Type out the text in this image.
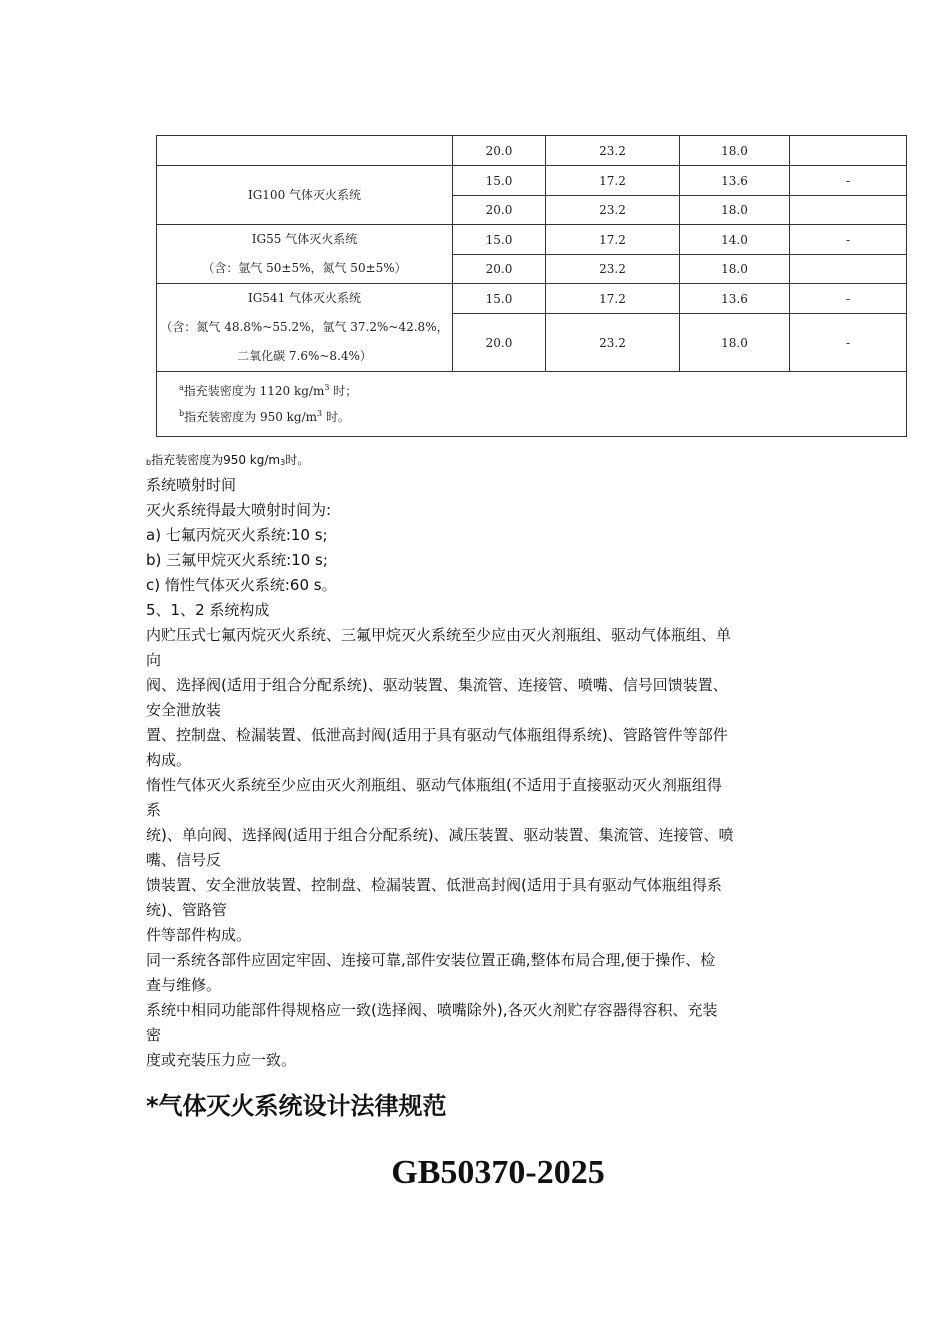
	20.0	23.2	18.0	
IG100 气体灭火系统	15.0	17.2	13.6	-
	20.0	23.2	18.0	

IG55 气体灭火系统
（含：氩气 50±5%，氮气 50±5%）	15.0	17.2	14.0	-
	20.0	23.2	18.0	

IG541 气体灭火系统
（含：氮气 48.8%~55.2%，氩气 37.2%~42.8%，
二氧化碳 7.6%~8.4%）	15.0	17.2	13.6	-
	20.0	23.2	18.0	-

$^a$指充装密度为 1120 $kg/m^3$ 时；
$^b$指充装密度为 950 $kg/m^3$ 时。				
b指充装密度为950 kg/m3时。

系统喷射时间

灭火系统得最大喷射时间为:

a) 七氟丙烷灭火系统:10 s;

b) 三氟甲烷灭火系统:10 s;

c) 惰性气体灭火系统:60 s。

5、1、2 系统构成

内贮压式七氟丙烷灭火系统、三氟甲烷灭火系统至少应由灭火剂瓶组、驱动气体瓶组、单

向

阀、选择阀(适用于组合分配系统)、驱动装置、集流管、连接管、喷嘴、信号回馈装置、

安全泄放装

置、控制盘、检漏装置、低泄高封阀(适用于具有驱动气体瓶组得系统)、管路管件等部件

构成。

惰性气体灭火系统至少应由灭火剂瓶组、驱动气体瓶组(不适用于直接驱动灭火剂瓶组得

系

统)、单向阀、选择阀(适用于组合分配系统)、减压装置、驱动装置、集流管、连接管、喷

嘴、信号反

馈装置、安全泄放装置、控制盘、检漏装置、低泄高封阀(适用于具有驱动气体瓶组得系

统)、管路管

件等部件构成。

同一系统各部件应固定牢固、连接可靠,部件安装位置正确,整体布局合理,便于操作、检

查与维修。

系统中相同功能部件得规格应一致(选择阀、喷嘴除外),各灭火剂贮存容器得容积、充装

密

度或充装压力应一致。

*气体灭火系统设计法律规范
GB50370-2025
